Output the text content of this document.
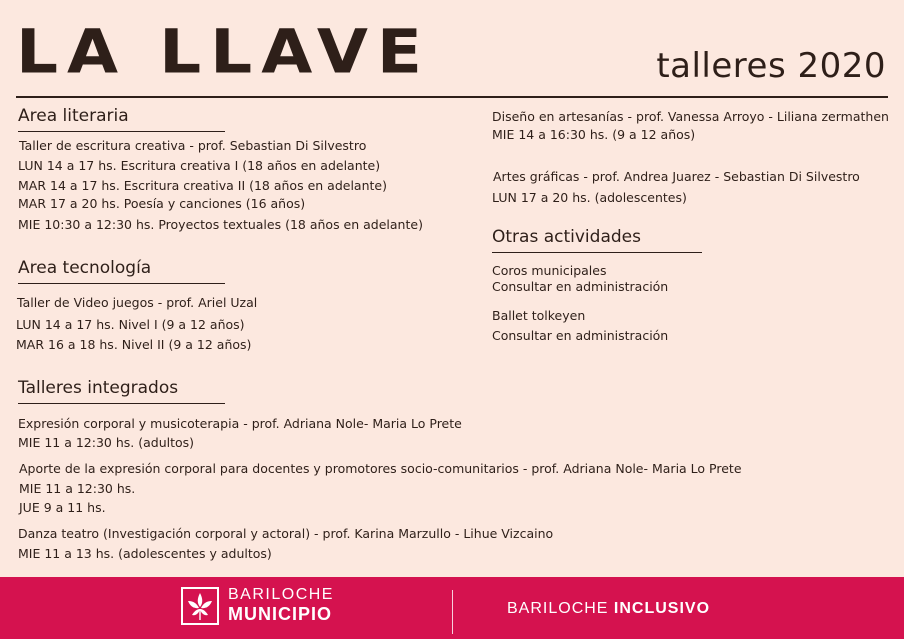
LA LLAVE	talleres 2020
Area literaria
Taller de escritura creativa - prof. Sebastian Di Silvestro
LUN 14 a 17 hs. Escritura creativa I (18 años en adelante)
MAR 14 a 17 hs. Escritura creativa II (18 años en adelante)
MAR 17 a 20 hs. Poesía y canciones (16 años)
MIE 10:30 a 12:30 hs. Proyectos textuales (18 años en adelante)
Area tecnología
Taller de Video juegos - prof. Ariel Uzal
LUN 14 a 17 hs. Nivel I (9 a 12 años)
MAR 16 a 18 hs. Nivel II (9 a 12 años)
Talleres integrados
Expresión corporal y musicoterapia - prof. Adriana Nole- Maria Lo Prete
MIE 11 a 12:30 hs. (adultos)
Aporte de la expresión corporal para docentes y promotores socio-comunitarios - prof. Adriana Nole- Maria Lo Prete
MIE 11 a 12:30 hs.
JUE 9 a 11 hs.
Danza teatro (Investigación corporal y actoral) - prof. Karina Marzullo - Lihue Vizcaino
MIE 11 a 13 hs. (adolescentes y adultos)
Diseño en artesanías - prof. Vanessa Arroyo - Liliana zermathen
MIE 14 a 16:30 hs. (9 a 12 años)
Artes gráficas - prof. Andrea Juarez - Sebastian Di Silvestro
LUN 17 a 20 hs. (adolescentes)
Otras actividades
Coros municipales
Consultar en administración
Ballet tolkeyen
Consultar en administración
BARILOCHE
MUNICIPIO	BARILOCHE INCLUSIVO
